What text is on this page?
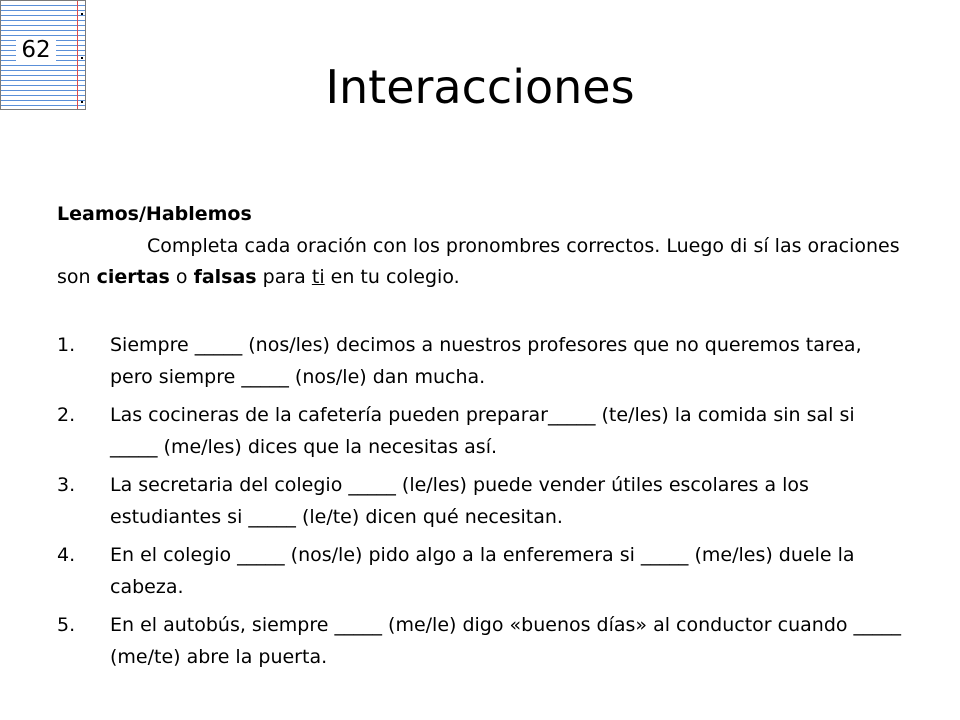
62
Interacciones
Leamos/Hablemos

Completa cada oración con los pronombres correctos. Luego di sí las oraciones son ciertas o falsas para ti en tu colegio.

1. Siempre _____ (nos/les) decimos a nuestros profesores que no queremos tarea, pero siempre _____ (nos/le) dan mucha.
2. Las cocineras de la cafetería pueden preparar_____ (te/les) la comida sin sal si _____ (me/les) dices que la necesitas así.
3. La secretaria del colegio _____ (le/les) puede vender útiles escolares a los estudiantes si _____ (le/te) dicen qué necesitan.
4. En el colegio _____ (nos/le) pido algo a la enferemera si _____ (me/les) duele la cabeza.
5. En el autobús, siempre _____ (me/le) digo «buenos días» al conductor cuando _____ (me/te) abre la puerta.
